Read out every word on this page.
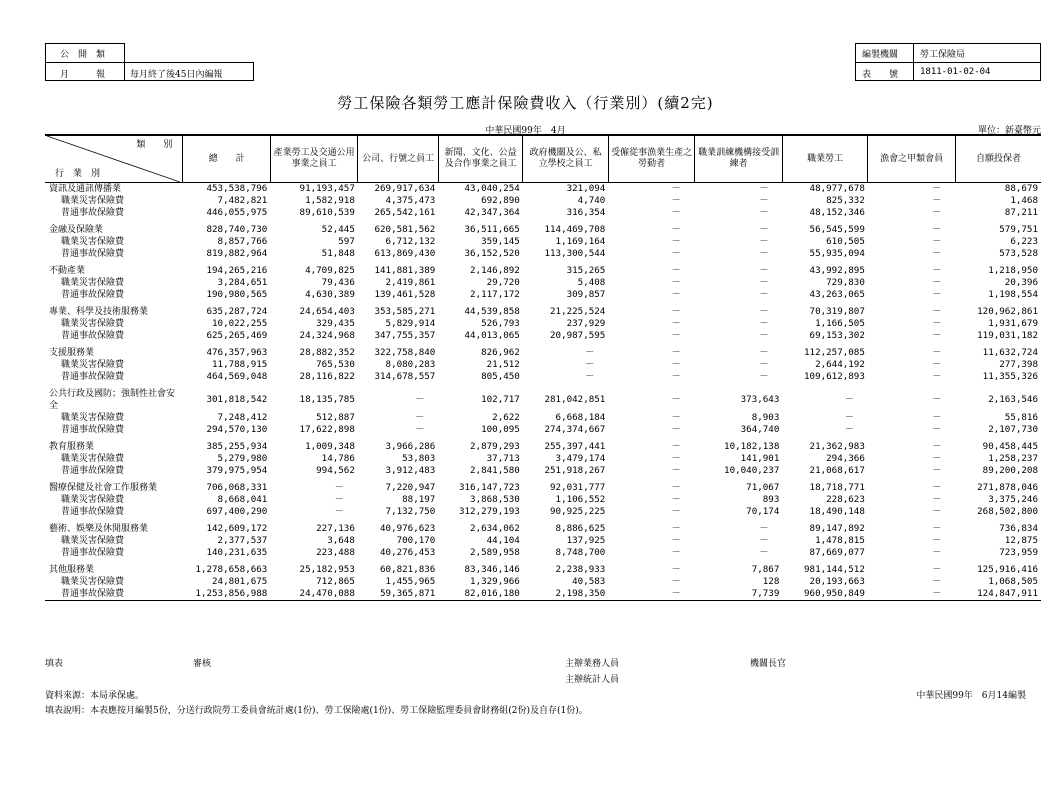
公　開　類
月　　　報	每月終了後45日內編報
編製機關 勞工保險局
表　　號 1811-01-02-04
勞工保險各類勞工應計保險費收入（行業別）(續2完)
中華民國99年　4月	單位：新臺幣元
類　　別
行　業　別	總　　計	產業勞工及交通公用事業之員工	公司、行號之員工	新聞、文化、公益及合作事業之員工	政府機關及公、私立學校之員工	受僱從事漁業生產之勞動者	職業訓練機構接受訓練者	職業勞工	漁會之甲類會員	自願投保者
資訊及通訊傳播業	453,538,796	91,193,457	269,917,634	43,040,254	321,094	－	－	48,977,678	－	88,679
職業災害保險費	7,482,821	1,582,918	4,375,473	692,890	4,740	－	－	825,332	－	1,468
普通事故保險費	446,055,975	89,610,539	265,542,161	42,347,364	316,354	－	－	48,152,346	－	87,211

金融及保險業	828,740,730	52,445	620,581,562	36,511,665	114,469,708	－	－	56,545,599	－	579,751
職業災害保險費	8,857,766	597	6,712,132	359,145	1,169,164	－	－	610,505	－	6,223
普通事故保險費	819,882,964	51,848	613,869,430	36,152,520	113,300,544	－	－	55,935,094	－	573,528

不動產業	194,265,216	4,709,825	141,881,389	2,146,892	315,265	－	－	43,992,895	－	1,218,950
職業災害保險費	3,284,651	79,436	2,419,861	29,720	5,408	－	－	729,830	－	20,396
普通事故保險費	190,980,565	4,630,389	139,461,528	2,117,172	309,857	－	－	43,263,065	－	1,198,554

專業、科學及技術服務業	635,287,724	24,654,403	353,585,271	44,539,858	21,225,524	－	－	70,319,807	－	120,962,861
職業災害保險費	10,022,255	329,435	5,829,914	526,793	237,929	－	－	1,166,505	－	1,931,679
普通事故保險費	625,265,469	24,324,968	347,755,357	44,013,065	20,987,595	－	－	69,153,302	－	119,031,182

支援服務業	476,357,963	28,882,352	322,758,840	826,962	－	－	－	112,257,085	－	11,632,724
職業災害保險費	11,788,915	765,530	8,080,283	21,512	－	－	－	2,644,192	－	277,398
普通事故保險費	464,569,048	28,116,822	314,678,557	805,450	－	－	－	109,612,893	－	11,355,326

公共行政及國防；強制性社會安全	301,818,542	18,135,785	－	102,717	281,042,851	－	373,643	－	－	2,163,546
職業災害保險費	7,248,412	512,887	－	2,622	6,668,184	－	8,903	－	－	55,816
普通事故保險費	294,570,130	17,622,898	－	100,095	274,374,667	－	364,740	－	－	2,107,730

教育服務業	385,255,934	1,009,348	3,966,286	2,879,293	255,397,441	－	10,182,138	21,362,983	－	90,458,445
職業災害保險費	5,279,980	14,786	53,803	37,713	3,479,174	－	141,901	294,366	－	1,258,237
普通事故保險費	379,975,954	994,562	3,912,483	2,841,580	251,918,267	－	10,040,237	21,068,617	－	89,200,208

醫療保健及社會工作服務業	706,068,331	－	7,220,947	316,147,723	92,031,777	－	71,067	18,718,771	－	271,878,046
職業災害保險費	8,668,041	－	88,197	3,868,530	1,106,552	－	893	228,623	－	3,375,246
普通事故保險費	697,400,290	－	7,132,750	312,279,193	90,925,225	－	70,174	18,490,148	－	268,502,800

藝術、娛樂及休閒服務業	142,609,172	227,136	40,976,623	2,634,062	8,886,625	－	－	89,147,892	－	736,834
職業災害保險費	2,377,537	3,648	700,170	44,104	137,925	－	－	1,478,815	－	12,875
普通事故保險費	140,231,635	223,488	40,276,453	2,589,958	8,748,700	－	－	87,669,077	－	723,959

其他服務業	1,278,658,663	25,182,953	60,821,836	83,346,146	2,238,933	－	7,867	981,144,512	－	125,916,416
職業災害保險費	24,801,675	712,865	1,455,965	1,329,966	40,583	－	128	20,193,663	－	1,068,505
普通事故保險費	1,253,856,988	24,470,088	59,365,871	82,016,180	2,198,350	－	7,739	960,950,849	－	124,847,911
填表	審核	主辦業務人員
主辦統計人員
機關長官
資料來源：本局承保處。	中華民國99年　6月14編製
填表說明：本表應按月編製5份，分送行政院勞工委員會統計處(1份)、勞工保險處(1份)、勞工保險監理委員會財務組(2份)及自存(1份)。
